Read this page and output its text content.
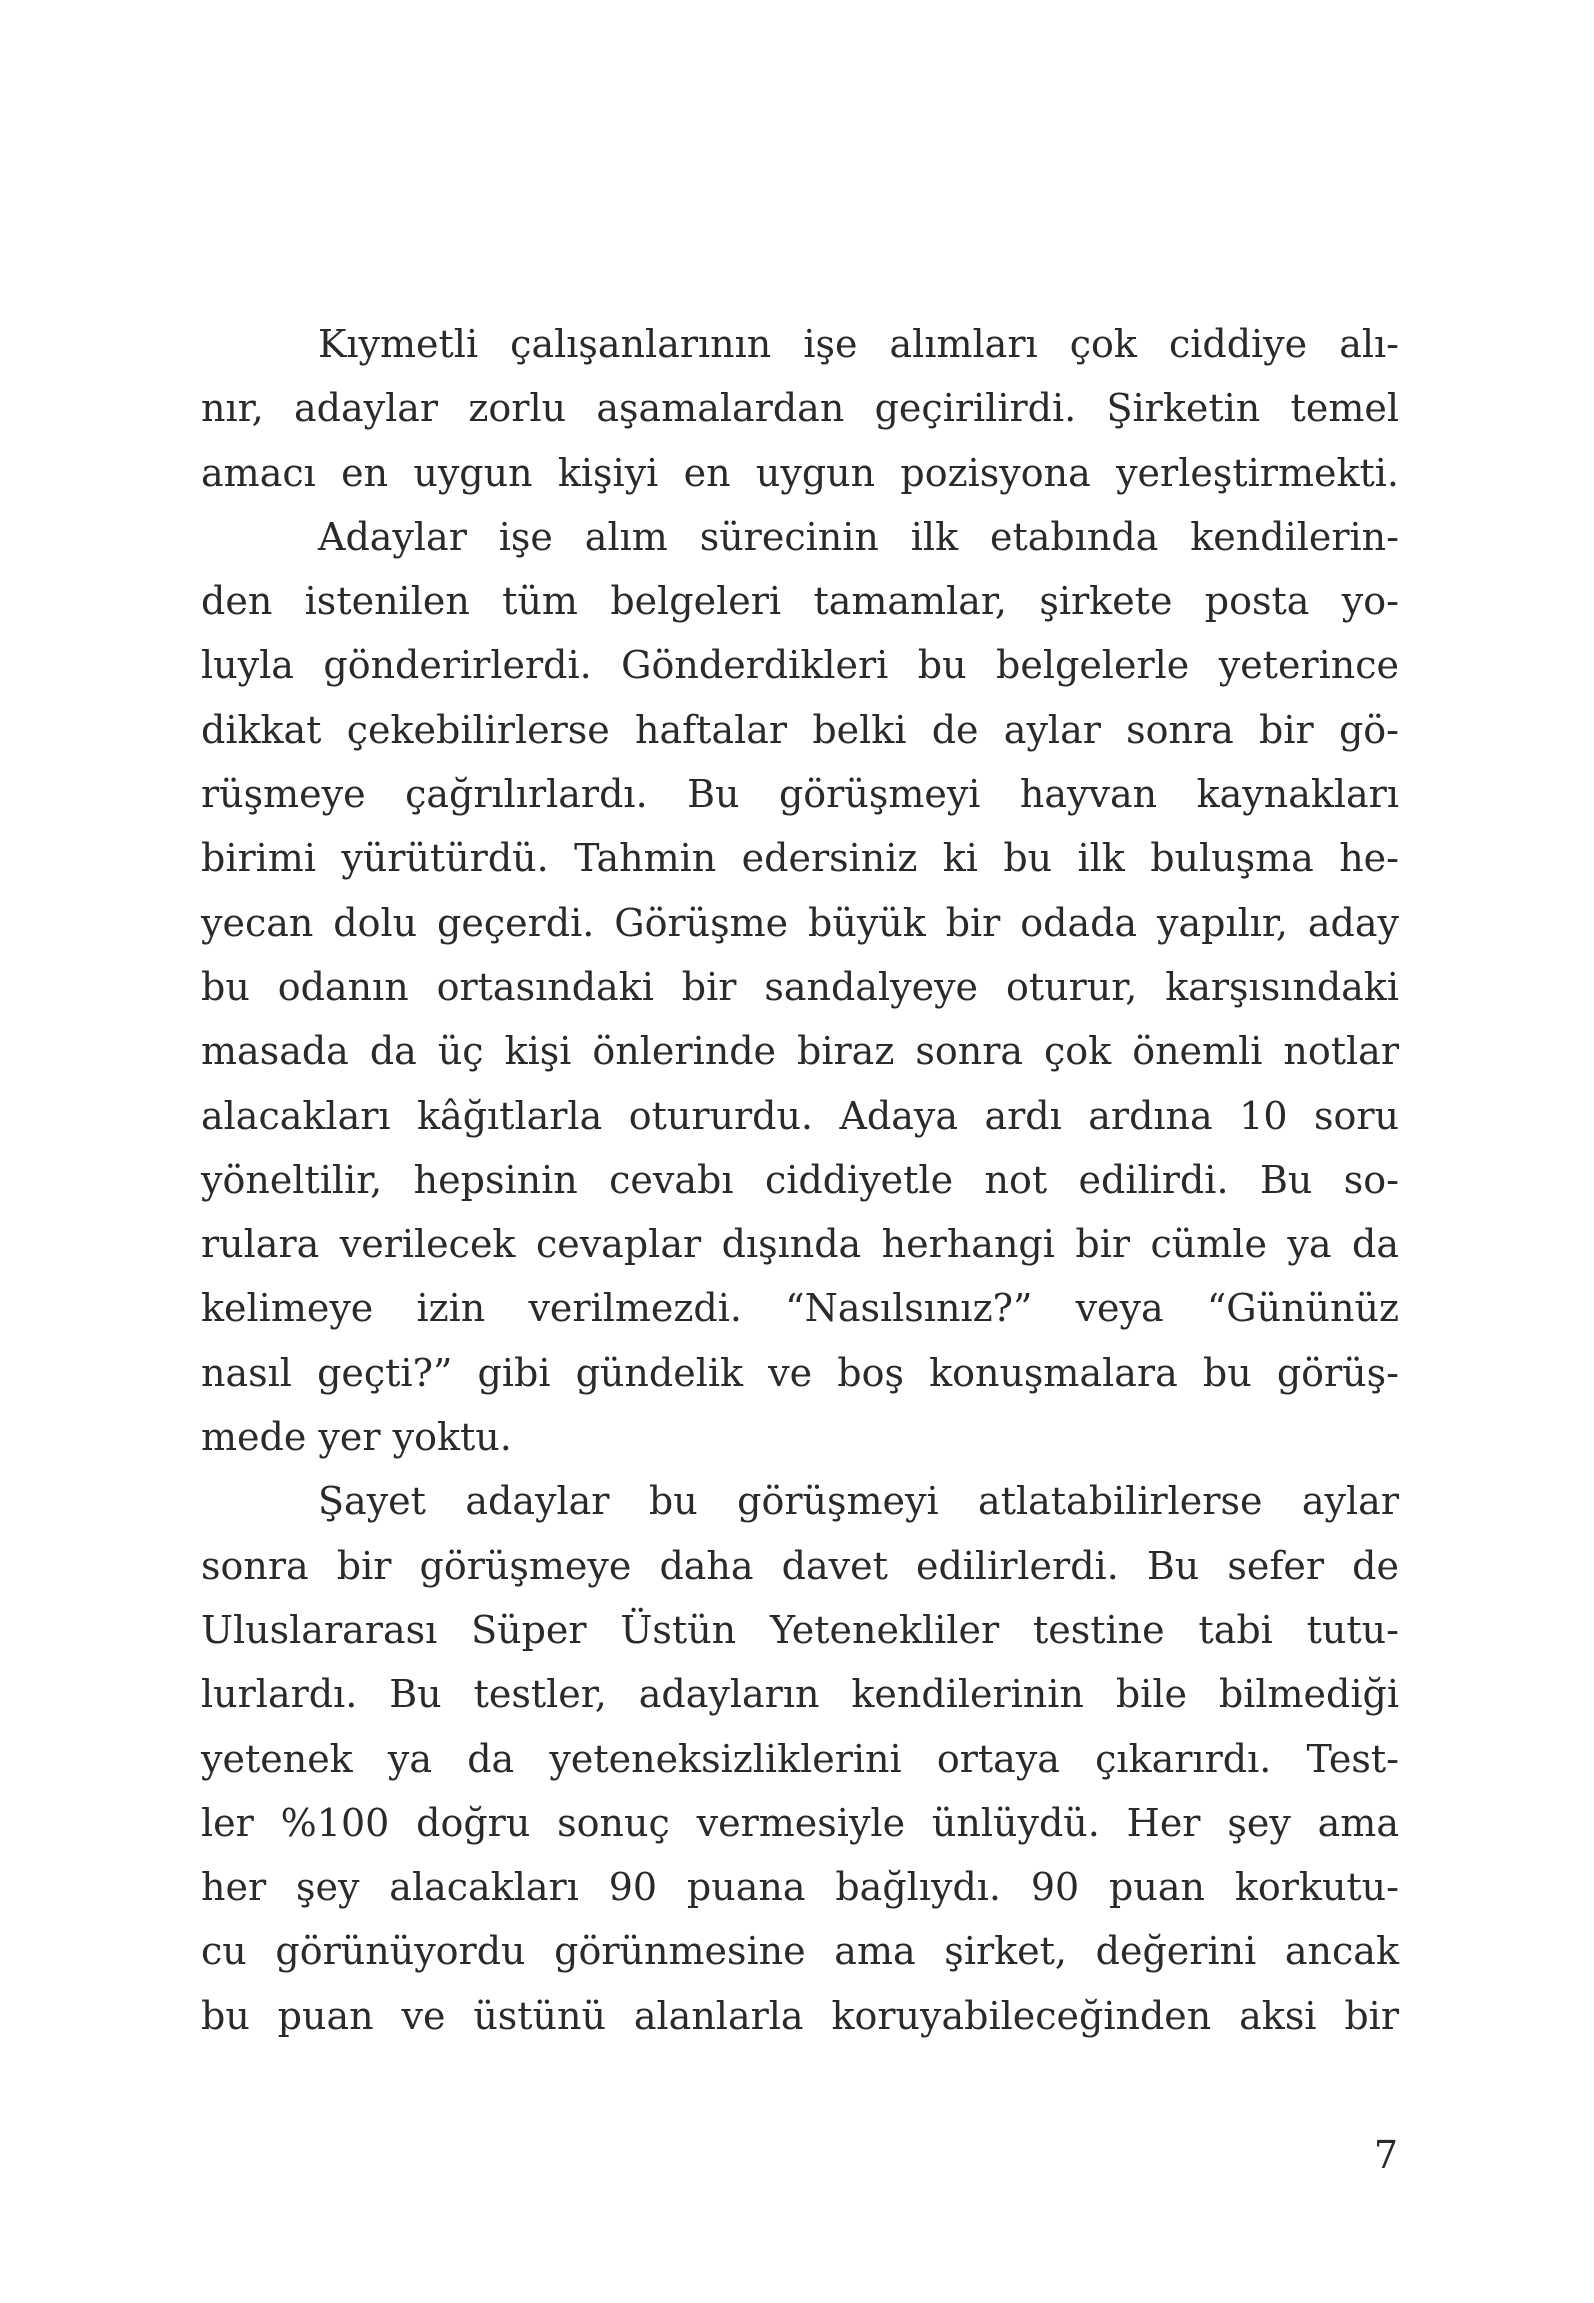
Kıymetli çalışanlarının işe alımları çok ciddiye alı-
nır, adaylar zorlu aşamalardan geçirilirdi. Şirketin temel
amacı en uygun kişiyi en uygun pozisyona yerleştirmekti.
Adaylar işe alım sürecinin ilk etabında kendilerin-
den istenilen tüm belgeleri tamamlar, şirkete posta yo-
luyla gönderirlerdi. Gönderdikleri bu belgelerle yeterince
dikkat çekebilirlerse haftalar belki de aylar sonra bir gö-
rüşmeye çağrılırlardı. Bu görüşmeyi hayvan kaynakları
birimi yürütürdü. Tahmin edersiniz ki bu ilk buluşma he-
yecan dolu geçerdi. Görüşme büyük bir odada yapılır, aday
bu odanın ortasındaki bir sandalyeye oturur, karşısındaki
masada da üç kişi önlerinde biraz sonra çok önemli notlar
alacakları kâğıtlarla otururdu. Adaya ardı ardına 10 soru
yöneltilir, hepsinin cevabı ciddiyetle not edilirdi. Bu so-
rulara verilecek cevaplar dışında herhangi bir cümle ya da
kelimeye izin verilmezdi. “Nasılsınız?” veya “Gününüz
nasıl geçti?” gibi gündelik ve boş konuşmalara bu görüş-
mede yer yoktu.
Şayet adaylar bu görüşmeyi atlatabilirlerse aylar
sonra bir görüşmeye daha davet edilirlerdi. Bu sefer de
Uluslararası Süper Üstün Yetenekliler testine tabi tutu-
lurlardı. Bu testler, adayların kendilerinin bile bilmediği
yetenek ya da yeteneksizliklerini ortaya çıkarırdı. Test-
ler %100 doğru sonuç vermesiyle ünlüydü. Her şey ama
her şey alacakları 90 puana bağlıydı. 90 puan korkutu-
cu görünüyordu görünmesine ama şirket, değerini ancak
bu puan ve üstünü alanlarla koruyabileceğinden aksi bir
7
